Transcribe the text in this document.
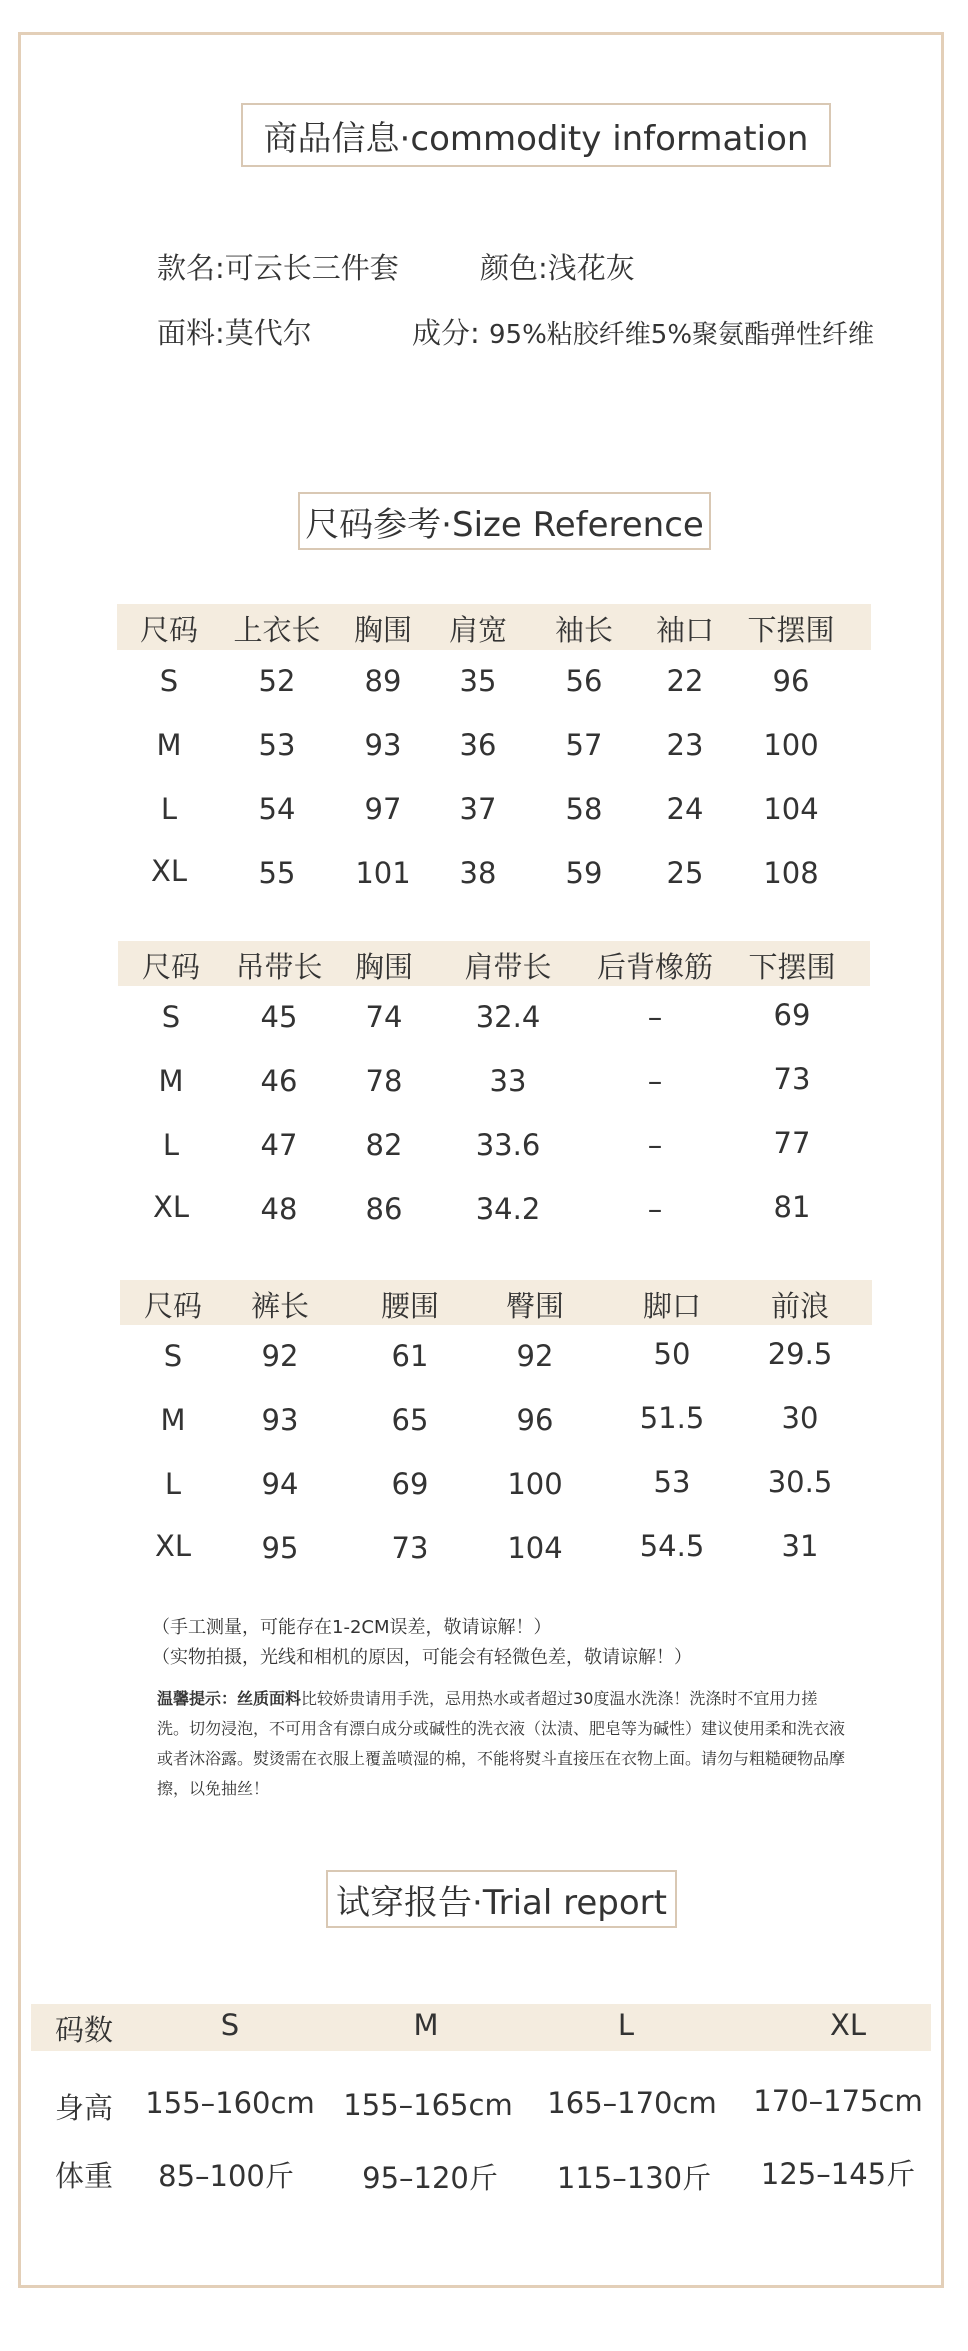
商品信息·commodity information
款名:可云长三件套	颜色:浅花灰
面料:莫代尔	成分: 95%粘胶纤维5%聚氨酯弹性纤维
尺码参考·Size Reference
尺码 上衣长 胸围 肩宽 袖长 袖口 下摆围
S	52 89 35 56 22 96
M	53 93 36 57 23 100
L	54 97 37 58 24 104
XL 55 101 38 59 25 108
尺码 吊带长 胸围 肩带长 后背橡筋 下摆围
S	45 74	32.4	–	69
M	46 78	33	–	73
L	47 82	33.6	–	77
XL 48 86	34.2	–	81
尺码 裤长 腰围 臀围	脚口 前浪
S	92	61	92	50	29.5
M	93	65	96	51.5	30
L	94	69	100	53	30.5
XL 95	73	104	54.5	31
（手工测量，可能存在1-2CM误差，敬请谅解！）
（实物拍摄，光线和相机的原因，可能会有轻微色差，敬请谅解！）
温馨提示：丝质面料比较娇贵请用手洗，忌用热水或者超过30度温水洗涤！洗涤时不宜用力搓洗。切勿浸泡，不可用含有漂白成分或碱性的洗衣液（汰渍、肥皂等为碱性）建议使用柔和洗衣液或者沐浴露。熨烫需在衣服上覆盖喷湿的棉，不能将熨斗直接压在衣物上面。请勿与粗糙硬物品摩擦，以免抽丝！
试穿报告·Trial report
码数	S	M	L	XL
身高 155–160cm 155–165cm 165–170cm 170–175cm
体重 85–100斤 95–120斤 115–130斤 125–145斤
